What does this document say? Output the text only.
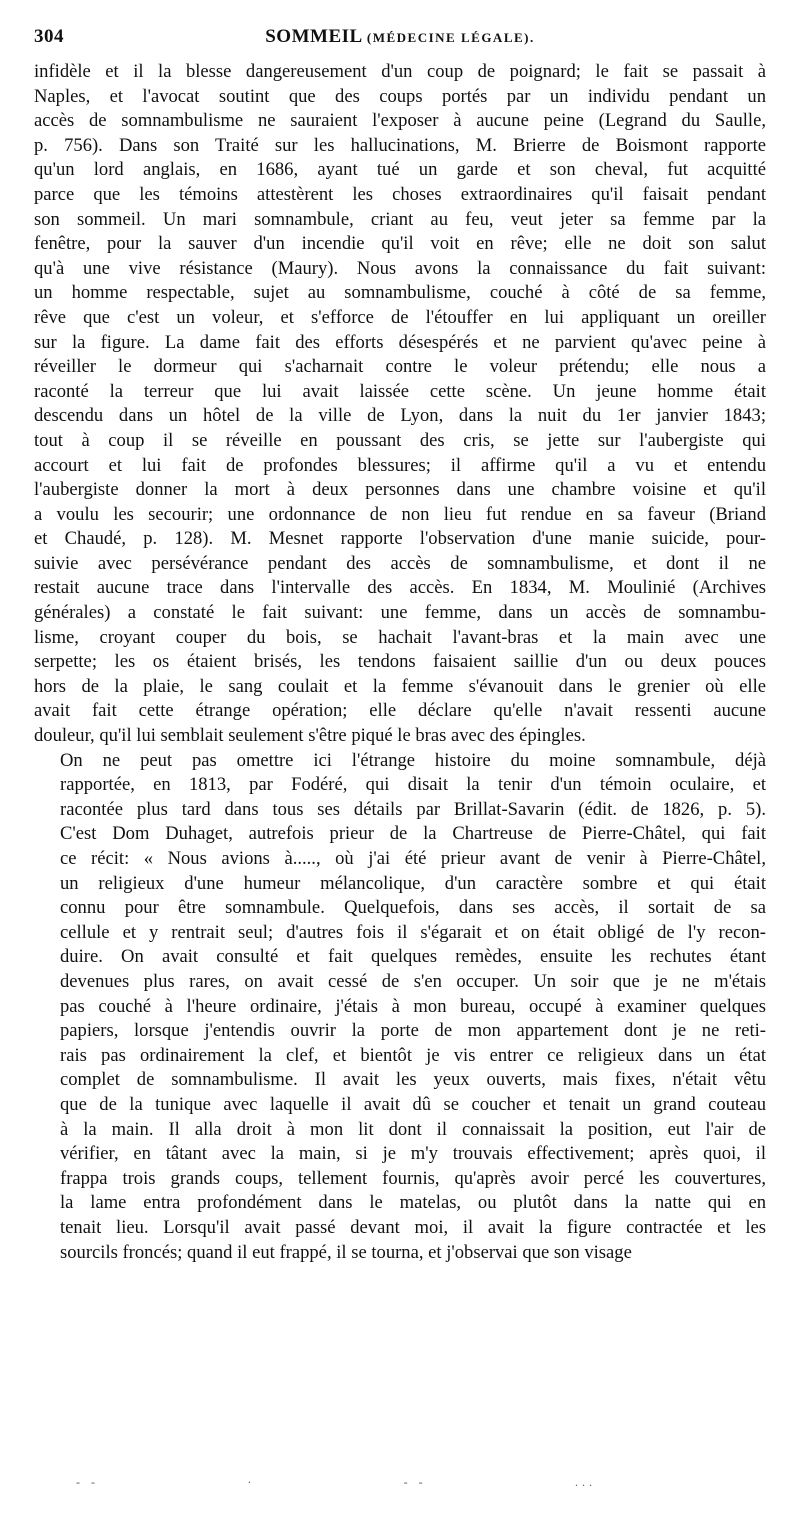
304	SOMMEIL (MÉDECINE LÉGALE).

infidèle et il la blesse dangereusement d'un coup de poignard; le fait se passait à
Naples, et l'avocat soutint que des coups portés par un individu pendant un
accès de somnambulisme ne sauraient l'exposer à aucune peine (Legrand du Saulle,
p. 756). Dans son Traité sur les hallucinations, M. Brierre de Boismont rapporte
qu'un lord anglais, en 1686, ayant tué un garde et son cheval, fut acquitté
parce que les témoins attestèrent les choses extraordinaires qu'il faisait pendant
son sommeil. Un mari somnambule, criant au feu, veut jeter sa femme par la
fenêtre, pour la sauver d'un incendie qu'il voit en rêve; elle ne doit son salut
qu'à une vive résistance (Maury). Nous avons la connaissance du fait suivant:
un homme respectable, sujet au somnambulisme, couché à côté de sa femme,
rêve que c'est un voleur, et s'efforce de l'étouffer en lui appliquant un oreiller
sur la figure. La dame fait des efforts désespérés et ne parvient qu'avec peine à
réveiller le dormeur qui s'acharnait contre le voleur prétendu; elle nous a
raconté la terreur que lui avait laissée cette scène. Un jeune homme était
descendu dans un hôtel de la ville de Lyon, dans la nuit du 1er janvier 1843;
tout à coup il se réveille en poussant des cris, se jette sur l'aubergiste qui
accourt et lui fait de profondes blessures; il affirme qu'il a vu et entendu
l'aubergiste donner la mort à deux personnes dans une chambre voisine et qu'il
a voulu les secourir; une ordonnance de non lieu fut rendue en sa faveur (Briand
et Chaudé, p. 128). M. Mesnet rapporte l'observation d'une manie suicide, pour-
suivie avec persévérance pendant des accès de somnambulisme, et dont il ne
restait aucune trace dans l'intervalle des accès. En 1834, M. Moulinié (Archives
générales) a constaté le fait suivant: une femme, dans un accès de somnambu-
lisme, croyant couper du bois, se hachait l'avant-bras et la main avec une
serpette; les os étaient brisés, les tendons faisaient saillie d'un ou deux pouces
hors de la plaie, le sang coulait et la femme s'évanouit dans le grenier où elle
avait fait cette étrange opération; elle déclare qu'elle n'avait ressenti aucune
douleur, qu'il lui semblait seulement s'être piqué le bras avec des épingles.

On ne peut pas omettre ici l'étrange histoire du moine somnambule, déjà
rapportée, en 1813, par Fodéré, qui disait la tenir d'un témoin oculaire, et
racontée plus tard dans tous ses détails par Brillat-Savarin (édit. de 1826, p. 5).
C'est Dom Duhaget, autrefois prieur de la Chartreuse de Pierre-Châtel, qui fait
ce récit: « Nous avions à....., où j'ai été prieur avant de venir à Pierre-Châtel,
un religieux d'une humeur mélancolique, d'un caractère sombre et qui était
connu pour être somnambule. Quelquefois, dans ses accès, il sortait de sa
cellule et y rentrait seul; d'autres fois il s'égarait et on était obligé de l'y recon-
duire. On avait consulté et fait quelques remèdes, ensuite les rechutes étant
devenues plus rares, on avait cessé de s'en occuper. Un soir que je ne m'étais
pas couché à l'heure ordinaire, j'étais à mon bureau, occupé à examiner quelques
papiers, lorsque j'entendis ouvrir la porte de mon appartement dont je ne reti-
rais pas ordinairement la clef, et bientôt je vis entrer ce religieux dans un état
complet de somnambulisme. Il avait les yeux ouverts, mais fixes, n'était vêtu
que de la tunique avec laquelle il avait dû se coucher et tenait un grand couteau
à la main. Il alla droit à mon lit dont il connaissait la position, eut l'air de
vérifier, en tâtant avec la main, si je m'y trouvais effectivement; après quoi, il
frappa trois grands coups, tellement fournis, qu'après avoir percé les couvertures,
la lame entra profondément dans le matelas, ou plutôt dans la natte qui en
tenait lieu. Lorsqu'il avait passé devant moi, il avait la figure contractée et les
sourcils froncés; quand il eut frappé, il se tourna, et j'observai que son visage

- -	·	- -	...
